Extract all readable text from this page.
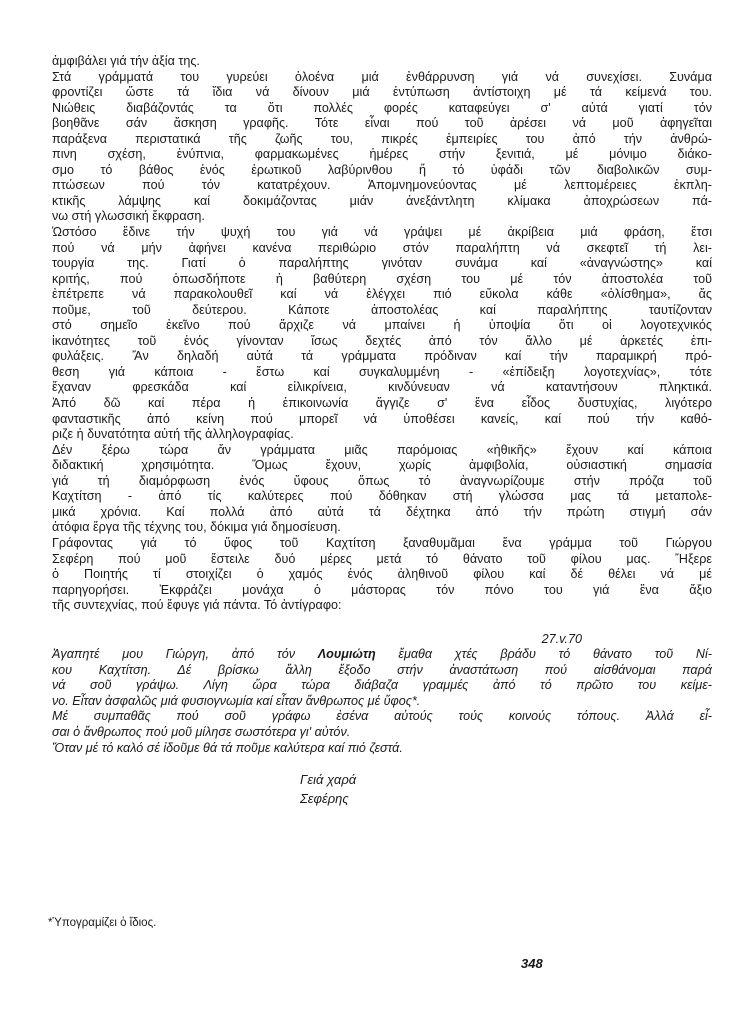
ἀμφιβάλει γιά τήν ἀξία της.
Στά γράμματά του γυρεύει ὁλοένα μιά ἐνθάρρυνση γιά νά συνεχίσει. Συνάμα
φροντίζει ὥστε τά ἴδια νά δίνουν μιά ἐντύπωση ἀντίστοιχη μέ τά κείμενά του.
Νιώθεις διαβάζοντάς τα ὅτι πολλές φορές καταφεύγει σ' αὐτά γιατί τόν
βοηθᾶνε σάν ἄσκηση γραφῆς. Τότε εἶναι πού τοῦ ἀρέσει νά μοῦ ἀφηγεῖται
παράξενα περιστατικά τῆς ζωῆς του, πικρές ἐμπειρίες του ἀπό τήν ἀνθρώ-
πινη σχέση, ἐνύπνια, φαρμακωμένες ἡμέρες στήν ξενιτιά, μέ μόνιμο διάκο-
σμο τό βάθος ἑνός ἐρωτικοῦ λαβύρινθου ἤ τό ὑφάδι τῶν διαβολικῶν συμ-
πτώσεων πού τόν κατατρέχουν. Ἀπομνημονεύοντας μέ λεπτομέρειες ἐκπλη-
κτικῆς λάμψης καί δοκιμάζοντας μιάν ἀνεξάντλητη κλίμακα ἀποχρώσεων πά-
νω στή γλωσσική ἔκφραση.
Ὡστόσο ἔδινε τήν ψυχή του γιά νά γράψει μέ ἀκρίβεια μιά φράση, ἔτσι
πού νά μήν ἀφήνει κανένα περιθώριο στόν παραλήπτη νά σκεφτεῖ τή λει-
τουργία της. Γιατί ὁ παραλήπτης γινόταν συνάμα καί «ἀναγνώστης» καί
κριτής, πού ὁπωσδήποτε ἡ βαθύτερη σχέση του μέ τόν ἀποστολέα τοῦ
ἐπέτρεπε νά παρακολουθεῖ καί νά ἐλέγχει πιό εὔκολα κάθε «ὀλίσθημα», ἄς
ποῦμε, τοῦ δεύτερου. Κάποτε ἀποστολέας καί παραλήπτης ταυτίζονταν
στό σημεῖο ἐκεῖνο πού ἄρχιζε νά μπαίνει ἡ ὑποψία ὅτι οἱ λογοτεχνικός
ἱκανότητες τοῦ ἑνός γίνονταν ἴσως δεχτές ἀπό τόν ἄλλο μέ ἀρκετές ἐπι-
φυλάξεις. Ἄν δηλαδή αὐτά τά γράμματα πρόδιναν καί τήν παραμικρή πρό-
θεση γιά κάποια - ἔστω καί συγκαλυμμένη - «ἐπίδειξη λογοτεχνίας», τότε
ἔχαναν φρεσκάδα καί εἰλικρίνεια, κινδύνευαν νά καταντήσουν πληκτικά.
Ἀπό δῶ καί πέρα ἡ ἐπικοινωνία ἄγγιζε σ' ἕνα εἶδος δυστυχίας, λιγότερο
φανταστικῆς ἀπό κείνη πού μπορεῖ νά ὑποθέσει κανείς, καί πού τήν καθό-
ριζε ἡ δυνατότητα αὐτή τῆς ἀλληλογραφίας.
Δέν ξέρω τώρα ἄν γράμματα μιᾶς παρόμοιας «ἠθικῆς» ἔχουν καί κάποια
διδακτική χρησιμότητα. Ὅμως ἔχουν, χωρίς ἀμφιβολία, οὐσιαστική σημασία
γιά τή διαμόρφωση ἑνός ὕφους ὅπως τό ἀναγνωρίζουμε στήν πρόζα τοῦ
Καχτίτση - ἀπό τίς καλύτερες πού δόθηκαν στή γλώσσα μας τά μεταπολε-
μικά χρόνια. Καί πολλά ἀπό αὐτά τά δέχτηκα ἀπό τήν πρώτη στιγμή σάν
ἀτόφια ἔργα τῆς τέχνης του, δόκιμα γιά δημοσίευση.
Γράφοντας γιά τό ὕφος τοῦ Καχτίτση ξαναθυμᾶμαι ἕνα γράμμα τοῦ Γιώργου
Σεφέρη πού μοῦ ἔστειλε δυό μέρες μετά τό θάνατο τοῦ φίλου μας. Ἤξερε
ὁ Ποιητής τί στοιχίζει ὁ χαμός ἑνός ἀληθινοῦ φίλου καί δέ θέλει νά μέ
παρηγορήσει. Ἐκφράζει μονάχα ὁ μάστορας τόν πόνο του γιά ἕνα ἄξιο
τῆς συντεχνίας, πού ἔφυγε γιά πάντα. Τό ἀντίγραφο:
27.v.70
Ἀγαπητέ μου Γιώργη, ἀπό τόν Λουμιώτη ἔμαθα χτές βράδυ τό θάνατο τοῦ Νί-
κου Καχτίτση. Δέ βρίσκω ἄλλη ἔξοδο στήν ἀναστάτωση πού αἰσθάνομαι παρά
νά σοῦ γράψω. Λίγη ὥρα τώρα διάβαζα γραμμές ἀπό τό πρῶτο του κείμε-
νο. Εἶταν ἀσφαλῶς μιά φυσιογνωμία καί εἶταν ἄνθρωπος μέ ὕφος*.
Μέ συμπαθᾶς πού σοῦ γράφω ἐσένα αὐτούς τούς κοινούς τόπους. Ἀλλά εἶ-
σαι ὁ ἄνθρωπος πού μοῦ μίλησε σωστότερα γι' αὐτόν.
Ὅταν μέ τό καλό σέ ἰδοῦμε θά τά ποῦμε καλύτερα καί πιό ζεστά.
Γειά χαρά
Σεφέρης
*Ὑπογραμίζει ὁ ἴδιος.
348
